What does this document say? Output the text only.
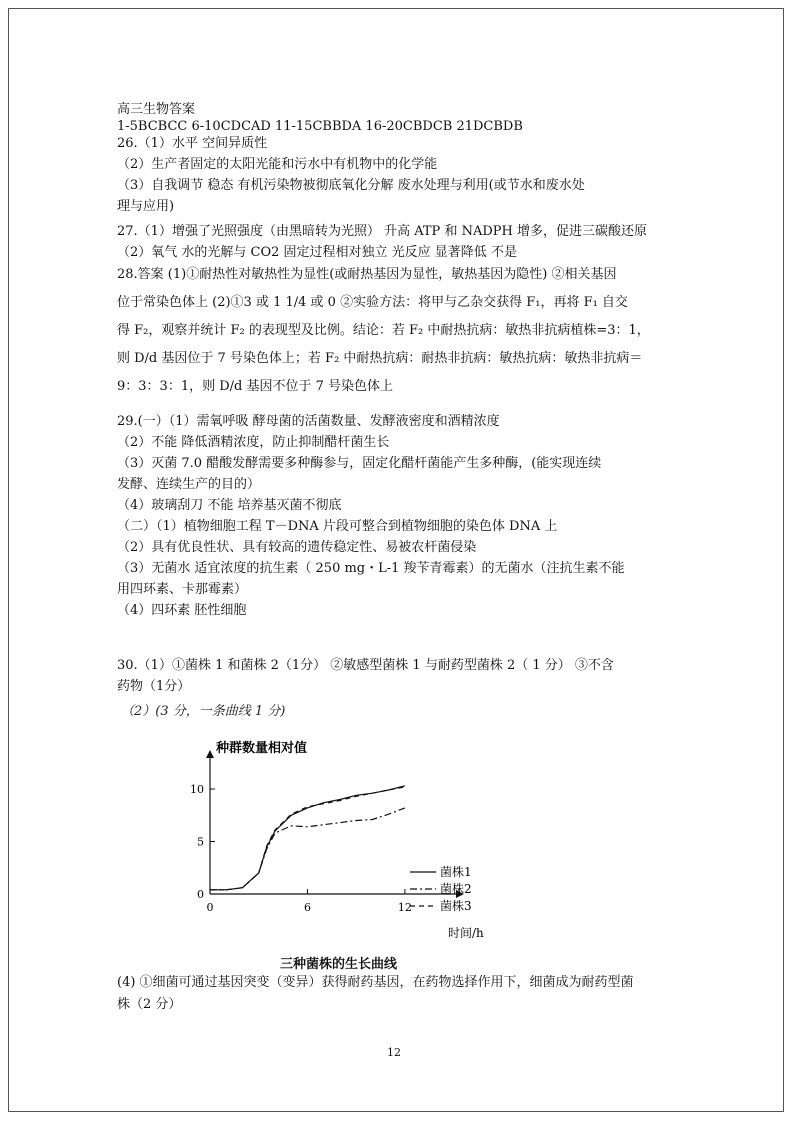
高三生物答案
1-5BCBCC 6-10CDCAD 11-15CBBDA 16-20CBDCB 21DCBDB
26.（1）水平 空间异质性
（2）生产者固定的太阳光能和污水中有机物中的化学能
（3）自我调节 稳态 有机污染物被彻底氧化分解 废水处理与利用(或节水和废水处
理与应用)
27.（1）增强了光照强度（由黑暗转为光照） 升高 ATP 和 NADPH 增多，促进三碳酸还原
（2）氧气 水的光解与 CO2 固定过程相对独立 光反应 显著降低 不是
28.答案 (1)①耐热性对敏热性为显性(或耐热基因为显性，敏热基因为隐性) ②相关基因
位于常染色体上 (2)①3 或 1 1/4 或 0 ②实验方法：将甲与乙杂交获得 F₁，再将 F₁ 自交
得 F₂，观察并统计 F₂ 的表现型及比例。结论：若 F₂ 中耐热抗病：敏热非抗病植株=3：1，
则 D/d 基因位于 7 号染色体上；若 F₂ 中耐热抗病：耐热非抗病：敏热抗病：敏热非抗病＝
9：3：3：1，则 D/d 基因不位于 7 号染色体上
29.(一）（1）需氧呼吸 酵母菌的活菌数量、发酵液密度和酒精浓度
（2）不能 降低酒精浓度，防止抑制醋杆菌生长
（3）灭菌 7.0 醋酸发酵需要多种酶参与，固定化醋杆菌能产生多种酶，(能实现连续
发酵、连续生产的目的）
（4）玻璃刮刀 不能 培养基灭菌不彻底
（二）（1）植物细胞工程 T－DNA 片段可整合到植物细胞的染色体 DNA 上
（2）具有优良性状、具有较高的遗传稳定性、易被农杆菌侵染
（3）无菌水 适宜浓度的抗生素（ 250 mg・L-1 羧苄青霉素）的无菌水（注抗生素不能
用四环素、卡那霉素）
（4）四环素 胚性细胞
30.（1）①菌株 1 和菌株 2（1分） ②敏感型菌株 1 与耐药型菌株 2（ 1 分） ③不含
药物（1分）
（2）(3 分，一条曲线 1 分)
种群数量相对值
时间/h
0
5
10
0	6	12
菌株1
菌株2
菌株3
三种菌株的生长曲线
(4) ①细菌可通过基因突变（变异）获得耐药基因，在药物选择作用下，细菌成为耐药型菌
株（2 分）
12
